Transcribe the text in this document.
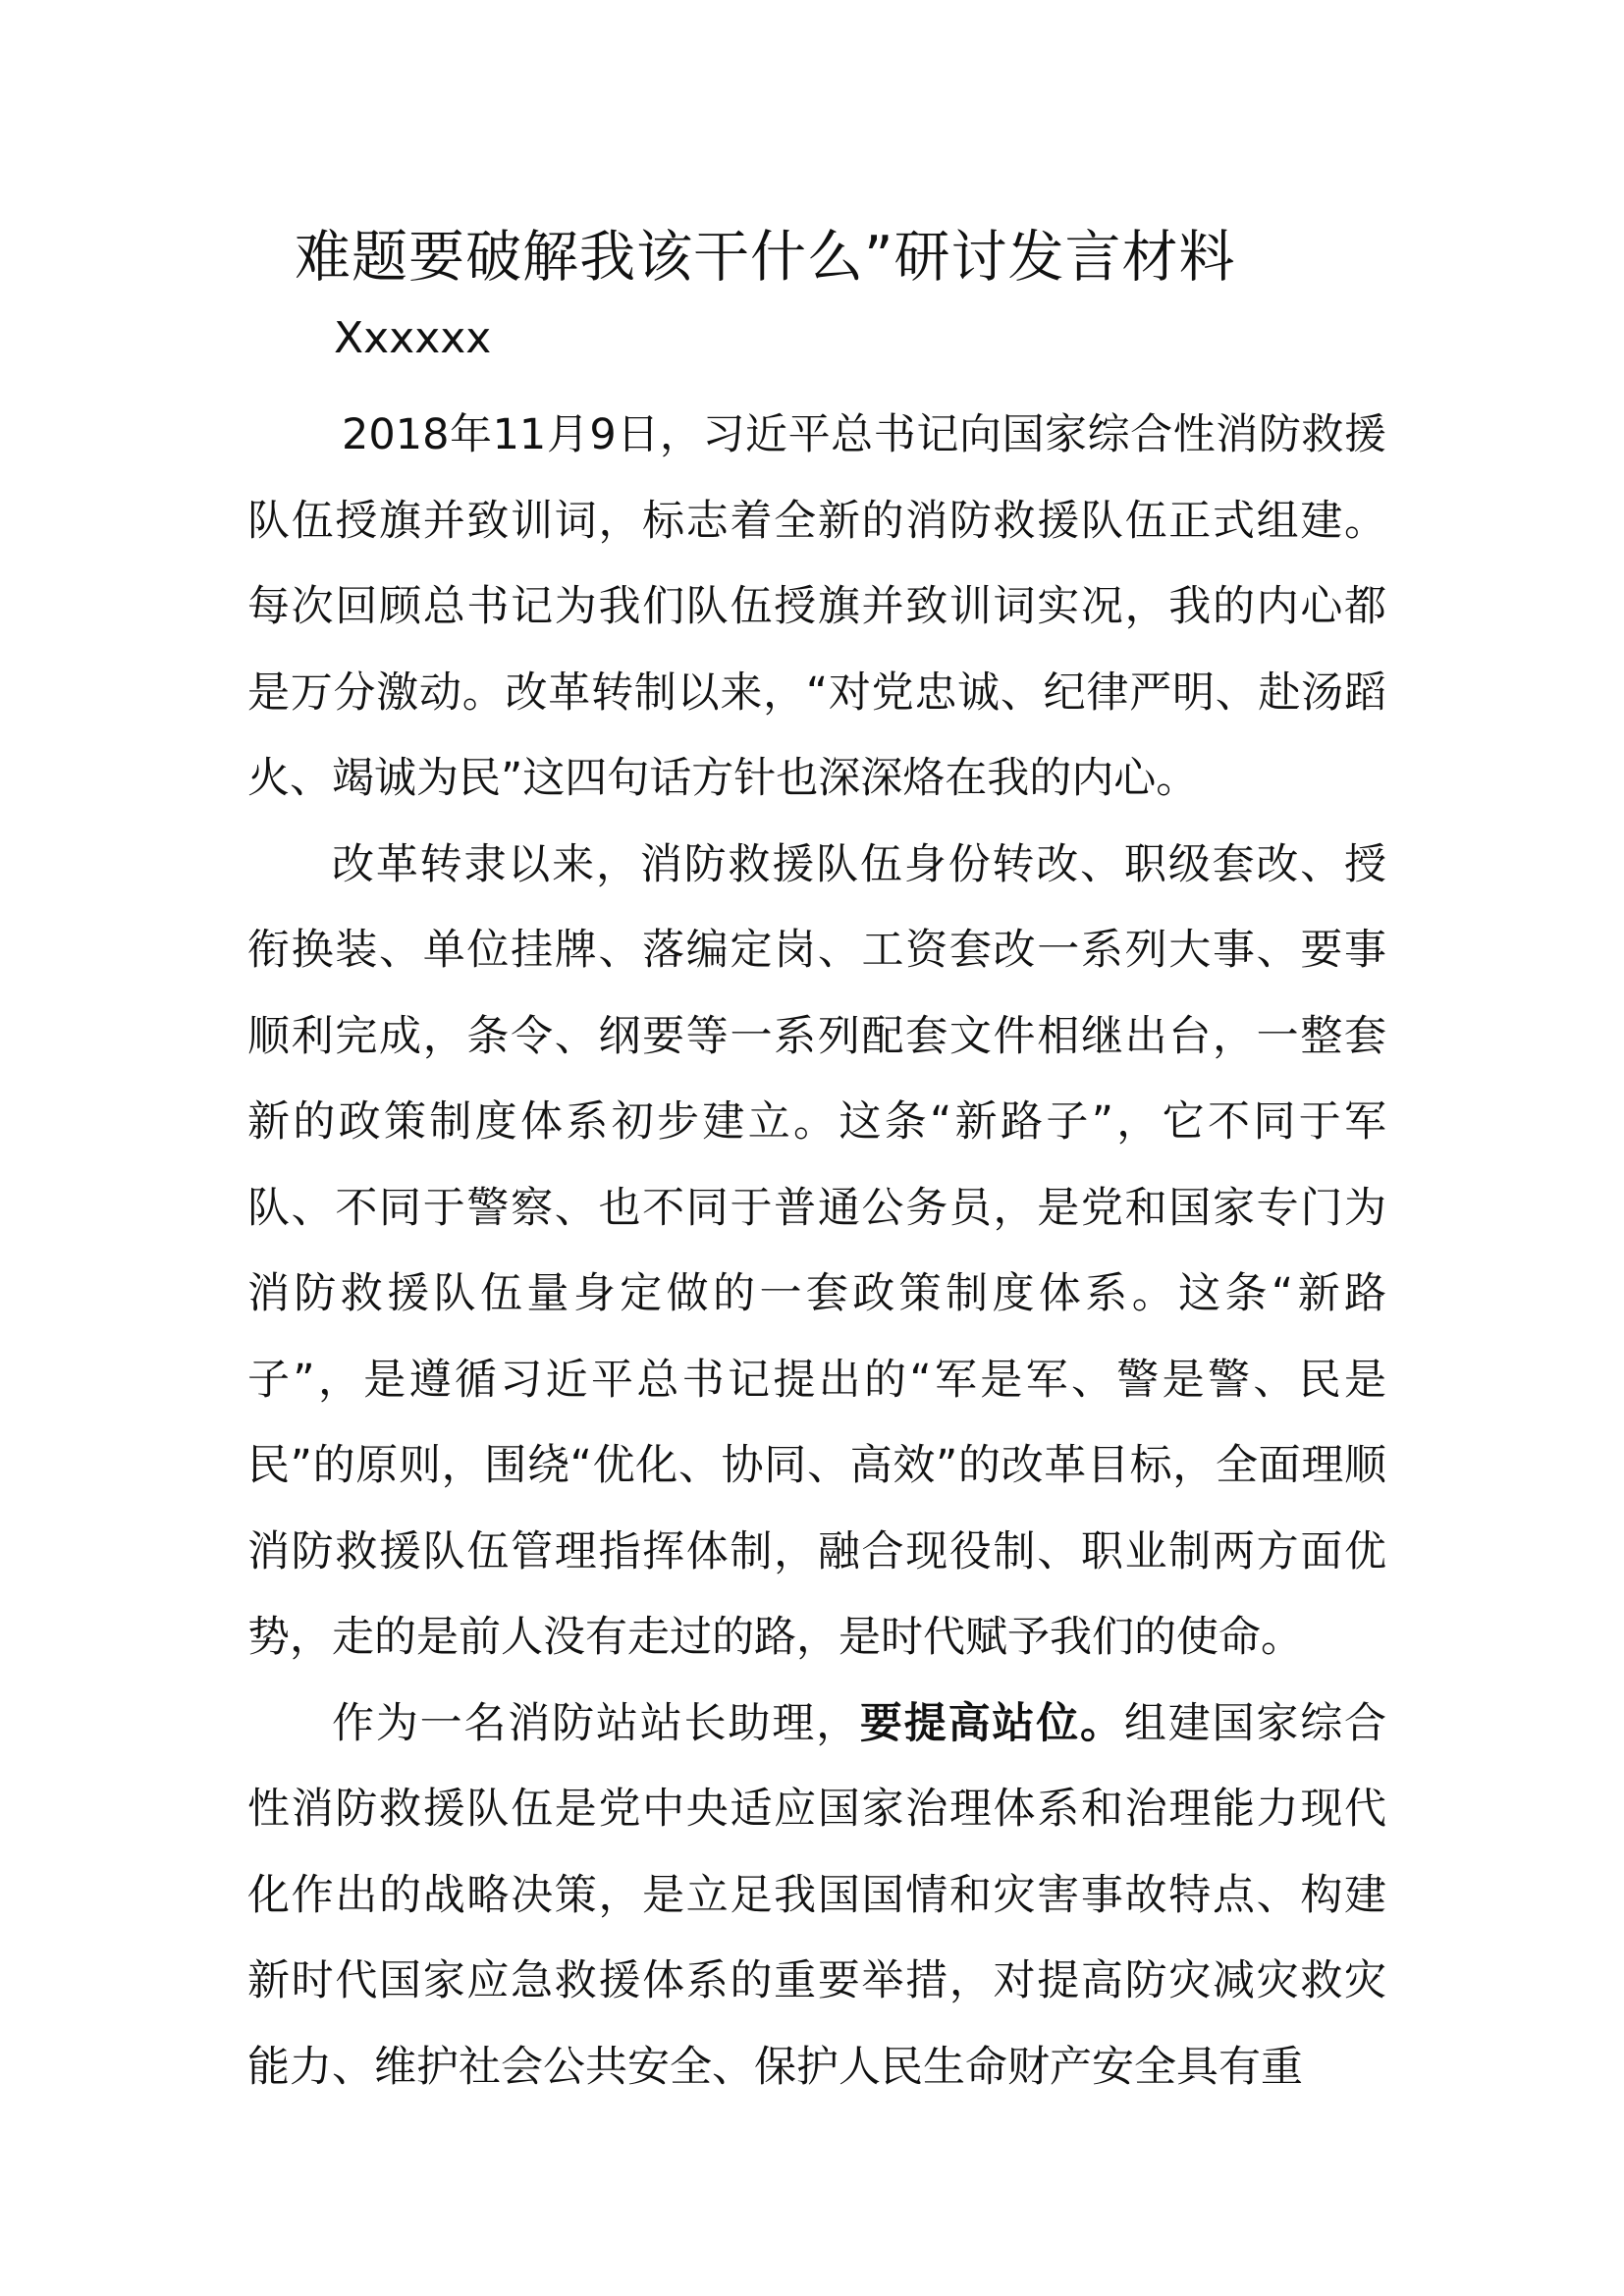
难题要破解我该干什么”研讨发言材料
Xxxxxx

2018年11月9日，习近平总书记向国家综合性消防救援队伍授旗并致训词，标志着全新的消防救援队伍正式组建。每次回顾总书记为我们队伍授旗并致训词实况，我的内心都是万分激动。改革转制以来，“对党忠诚、纪律严明、赴汤蹈火、竭诚为民”这四句话方针也深深烙在我的内心。

改革转隶以来，消防救援队伍身份转改、职级套改、授衔换装、单位挂牌、落编定岗、工资套改一系列大事、要事顺利完成，条令、纲要等一系列配套文件相继出台，一整套新的政策制度体系初步建立。这条“新路子”，它不同于军队、不同于警察、也不同于普通公务员，是党和国家专门为消防救援队伍量身定做的一套政策制度体系。这条“新路子”，是遵循习近平总书记提出的“军是军、警是警、民是民”的原则，围绕“优化、协同、高效”的改革目标，全面理顺消防救援队伍管理指挥体制，融合现役制、职业制两方面优势，走的是前人没有走过的路，是时代赋予我们的使命。

作为一名消防站站长助理，要提高站位。组建国家综合性消防救援队伍是党中央适应国家治理体系和治理能力现代化作出的战略决策，是立足我国国情和灾害事故特点、构建新时代国家应急救援体系的重要举措，对提高防灾减灾救灾能力、维护社会公共安全、保护人民生命财产安全具有重
